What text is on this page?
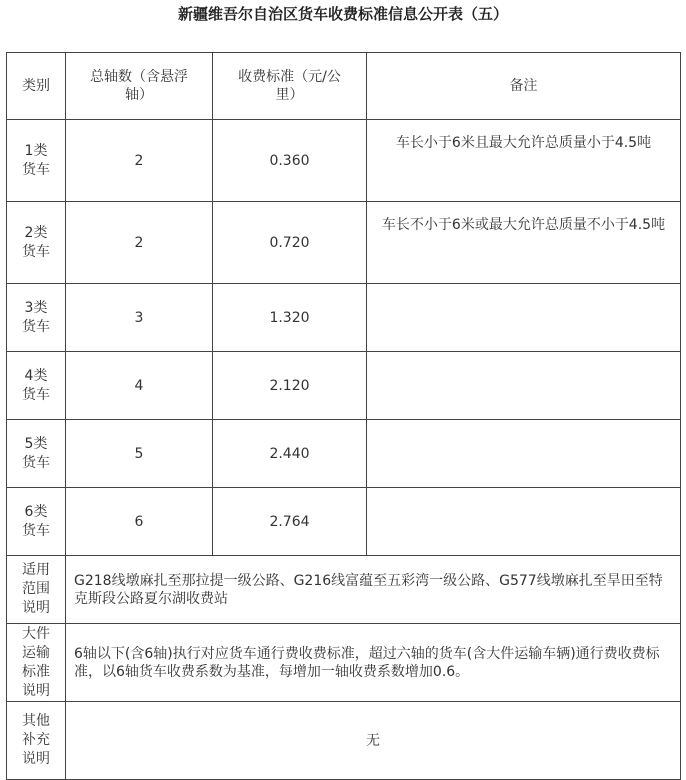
新疆维吾尔自治区货车收费标准信息公开表（五）
类别	总轴数（含悬浮轴）	收费标准（元/公里）	备注
1类货车	2	0.360	车长小于6米且最大允许总质量小于4.5吨

2类货车	2	0.720	车长不小于6米或最大允许总质量不小于4.5吨

3类货车	3	1.320	

4类货车	4	2.120	

5类货车	5	2.440	

6类货车	6	2.764	

适用范围说明	G218线墩麻扎至那拉提一级公路、G216线富蕴至五彩湾一级公路、G577线墩麻扎至旱田至特克斯段公路夏尔湖收费站		
大件运输标准说明	6轴以下(含6轴)执行对应货车通行费收费标准，超过六轴的货车(含大件运输车辆)通行费收费标准，以6轴货车收费系数为基准，每增加一轴收费系数增加0.6。		
其他补充说明	无		
